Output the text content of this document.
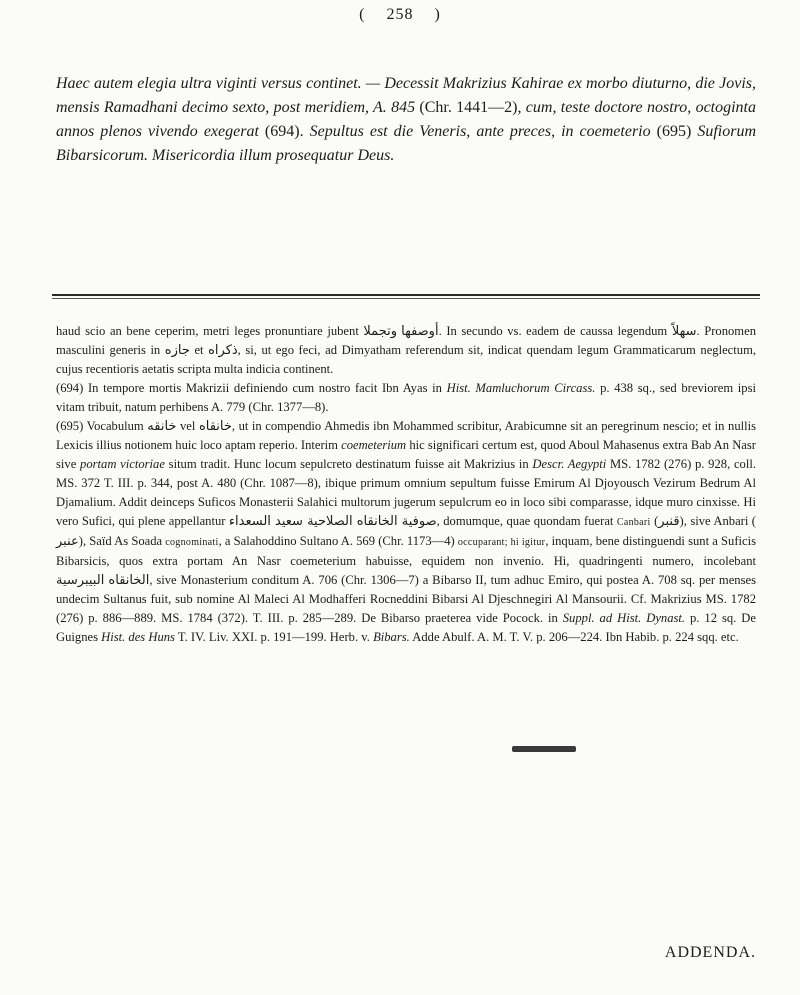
( 258 )
Haec autem elegia ultra viginti versus continet. — Decessit Makrizius Kahirae ex morbo diuturno, die Jovis, mensis Ramadhani decimo sexto, post meridiem, A. 845 (Chr. 1441—2), cum, teste doctore nostro, octoginta annos plenos vivendo exegerat (694). Sepultus est die Veneris, ante preces, in coemeterio (695) Sufiorum Bibarsicorum. Misericordia illum prosequatur Deus.

haud scio an bene ceperim, metri leges pronuntiare jubent أوصفها وتجملا. In secundo vs. eadem de caussa legendum سهلاً. Pronomen masculini generis in جازه et ذكراه, si, ut ego feci, ad Dimyatham referendum sit, indicat quendam legum Grammaticarum neglectum, cujus recentioris aetatis scripta multa indicia continent.

(694) In tempore mortis Makrizii definiendo cum nostro facit Ibn Ayas in Hist. Mamluchorum Circass. p. 438 sq., sed breviorem ipsi vitam tribuit, natum perhibens A. 779 (Chr. 1377—8).

(695) Vocabulum خانقه vel خانقاه, ut in compendio Ahmedis ibn Mohammed scribitur, Arabicumne sit an peregrinum nescio; et in nullis Lexicis illius notionem huic loco aptam reperio. Interim coemeterium hic significari certum est, quod Aboul Mahasenus extra Bab An Nasr sive portam victoriae situm tradit. Hunc locum sepulcreto destinatum fuisse ait Makrizius in Descr. Aegypti MS. 1782 (276) p. 928, coll. MS. 372 T. III. p. 344, post A. 480 (Chr. 1087—8), ibique primum omnium sepultum fuisse Emirum Al Djoyousch Vezirum Bedrum Al Djamalium. Addit deinceps Suficos Monasterii Salahici multorum jugerum sepulcrum eo in loco sibi comparasse, idque muro cinxisse. Hi vero Sufici, qui plene appellantur صوفية الخانقاه الصلاحية سعيد السعداء, domumque, quae quondam fuerat Canbari (قنبر), sive Anbari (عنبر), Saïd As Soada cognominati, a Salahoddino Sultano A. 569 (Chr. 1173—4) occuparant; hi igitur, inquam, bene distinguendi sunt a Suficis Bibarsicis, quos extra portam An Nasr coemeterium habuisse, equidem non invenio. Hi, quadringenti numero, incolebant الخانقاه البيبرسية, sive Monasterium conditum A. 706 (Chr. 1306—7) a Bibarso II, tum adhuc Emiro, qui postea A. 708 sq. per menses undecim Sultanus fuit, sub nomine Al Maleci Al Modhafferi Rocneddini Bibarsi Al Djeschnegiri Al Mansourii. Cf. Makrizius MS. 1782 (276) p. 886—889. MS. 1784 (372). T. III. p. 285—289. De Bibarso praeterea vide Pocock. in Suppl. ad Hist. Dynast. p. 12 sq. De Guignes Hist. des Huns T. IV. Liv. XXI. p. 191—199. Herb. v. Bibars. Adde Abulf. A. M. T. V. p. 206—224. Ibn Habib. p. 224 sqq. etc.

ADDENDA.
